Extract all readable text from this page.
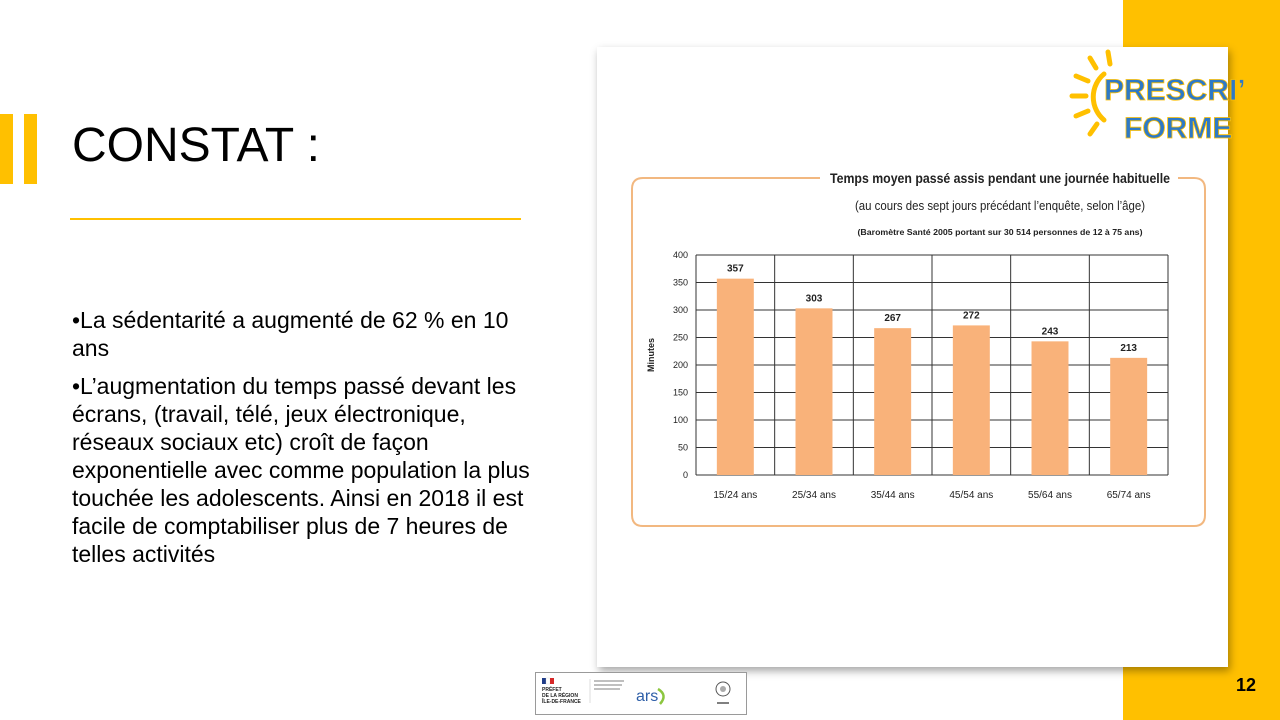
CONSTAT :

•La sédentarité a augmenté de 62 % en 10 ans

•L’augmentation du temps passé devant les écrans, (travail, télé, jeux électronique, réseaux sociaux etc) croît de façon exponentielle avec comme population la plus touchée les adolescents. Ainsi en 2018 il est facile de comptabiliser plus de 7 heures de telles activités

PRESCRI’
FORME
Temps moyen passé assis pendant une journée habituelle
(au cours des sept jours précédant l’enquête, selon l’âge)
(Baromètre Santé 2005 portant sur 30 514 personnes de 12 à 75 ans)
Minutes
0
50
100
150
200
250
300
350
400
357
15/24 ans
303
25/34 ans
267
35/44 ans
272
45/54 ans
243
55/64 ans
213
65/74 ans
PRÉFET
DE LA RÉGION
ÎLE-DE-FRANCE	ars
12
